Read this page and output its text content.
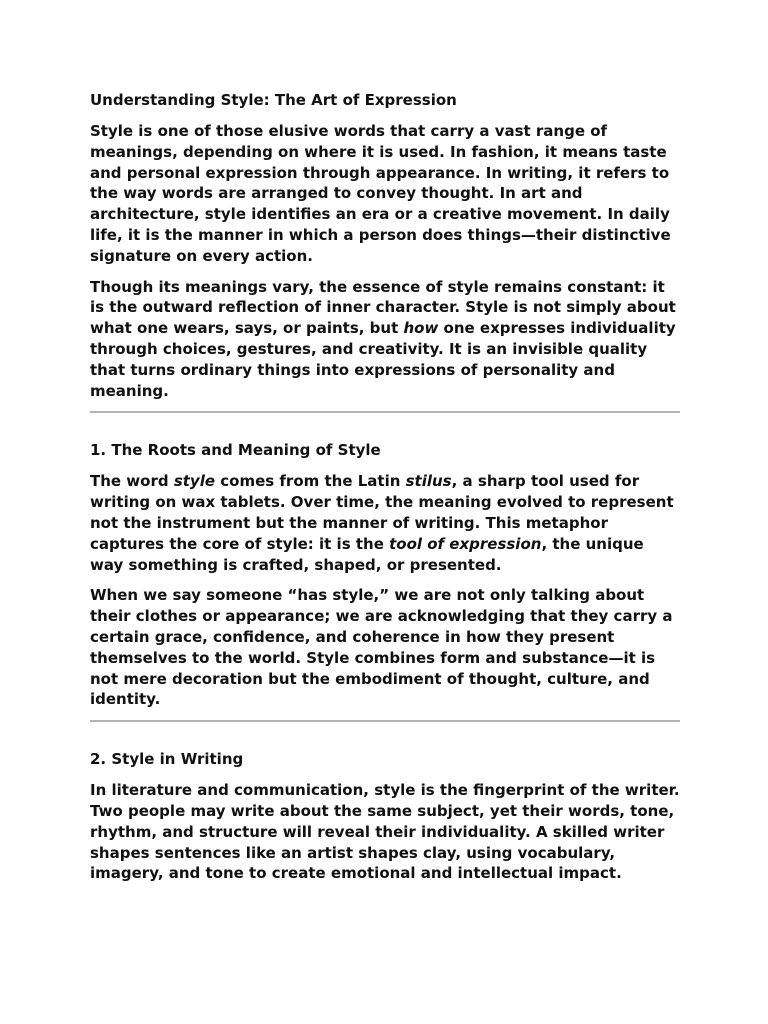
Understanding Style: The Art of Expression

Style is one of those elusive words that carry a vast range of meanings, depending on where it is used. In fashion, it means taste and personal expression through appearance. In writing, it refers to the way words are arranged to convey thought. In art and architecture, style identifies an era or a creative movement. In daily life, it is the manner in which a person does things—their distinctive signature on every action.

Though its meanings vary, the essence of style remains constant: it is the outward reflection of inner character. Style is not simply about what one wears, says, or paints, but how one expresses individuality through choices, gestures, and creativity. It is an invisible quality that turns ordinary things into expressions of personality and meaning.

1. The Roots and Meaning of Style

The word style comes from the Latin stilus, a sharp tool used for writing on wax tablets. Over time, the meaning evolved to represent not the instrument but the manner of writing. This metaphor captures the core of style: it is the tool of expression, the unique way something is crafted, shaped, or presented.

When we say someone “has style,” we are not only talking about their clothes or appearance; we are acknowledging that they carry a certain grace, confidence, and coherence in how they present themselves to the world. Style combines form and substance—it is not mere decoration but the embodiment of thought, culture, and identity.

2. Style in Writing

In literature and communication, style is the fingerprint of the writer. Two people may write about the same subject, yet their words, tone, rhythm, and structure will reveal their individuality. A skilled writer shapes sentences like an artist shapes clay, using vocabulary, imagery, and tone to create emotional and intellectual impact.
